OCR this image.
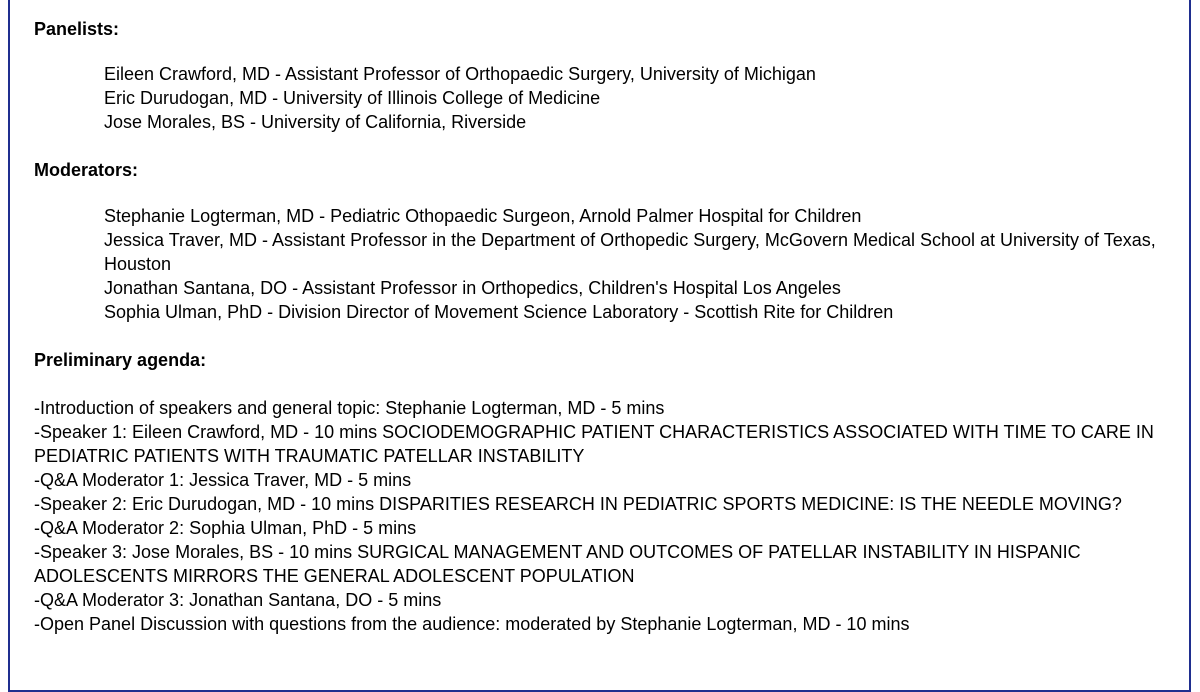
Panelists:
Eileen Crawford, MD - Assistant Professor of Orthopaedic Surgery, University of Michigan
Eric Durudogan, MD - University of Illinois College of Medicine
Jose Morales, BS - University of California, Riverside
Moderators:
Stephanie Logterman, MD - Pediatric Othopaedic Surgeon, Arnold Palmer Hospital for Children
Jessica Traver, MD - Assistant Professor in the Department of Orthopedic Surgery, McGovern Medical School at University of Texas, Houston
Jonathan Santana, DO - Assistant Professor in Orthopedics, Children's Hospital Los Angeles
Sophia Ulman, PhD - Division Director of Movement Science Laboratory - Scottish Rite for Children
Preliminary agenda:
-Introduction of speakers and general topic: Stephanie Logterman, MD - 5 mins
-Speaker 1: Eileen Crawford, MD - 10 mins SOCIODEMOGRAPHIC PATIENT CHARACTERISTICS ASSOCIATED WITH TIME TO CARE IN PEDIATRIC PATIENTS WITH TRAUMATIC PATELLAR INSTABILITY
-Q&A Moderator 1: Jessica Traver, MD - 5 mins
-Speaker 2: Eric Durudogan, MD - 10 mins DISPARITIES RESEARCH IN PEDIATRIC SPORTS MEDICINE: IS THE NEEDLE MOVING?
-Q&A Moderator 2: Sophia Ulman, PhD - 5 mins
-Speaker 3: Jose Morales, BS - 10 mins SURGICAL MANAGEMENT AND OUTCOMES OF PATELLAR INSTABILITY IN HISPANIC ADOLESCENTS MIRRORS THE GENERAL ADOLESCENT POPULATION
-Q&A Moderator 3: Jonathan Santana, DO - 5 mins
-Open Panel Discussion with questions from the audience: moderated by Stephanie Logterman, MD - 10 mins
